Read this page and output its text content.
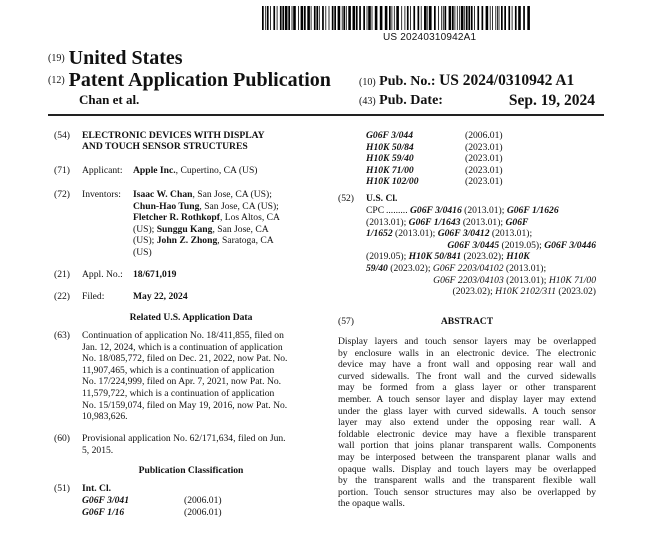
US 20240310942A1
(19) United States
(12) Patent Application Publication
Chan et al.
(10) Pub. No.: US 2024/0310942 A1
(43) Pub. Date:	Sep. 19, 2024
(54) ELECTRONIC DEVICES WITH DISPLAY
AND TOUCH SENSOR STRUCTURES
(71) Applicant: Apple Inc., Cupertino, CA (US)
(72) Inventors: Isaac W. Chan, San Jose, CA (US);
Chun-Hao Tung, San Jose, CA (US);
Fletcher R. Rothkopf, Los Altos, CA
(US); Sunggu Kang, San Jose, CA
(US); John Z. Zhong, Saratoga, CA
(US)
(21) Appl. No.: 18/671,019
(22) Filed:	May 22, 2024
Related U.S. Application Data
(63) Continuation of application No. 18/411,855, filed on
Jan. 12, 2024, which is a continuation of application
No. 18/085,772, filed on Dec. 21, 2022, now Pat. No.
11,907,465, which is a continuation of application
No. 17/224,999, filed on Apr. 7, 2021, now Pat. No.
11,579,722, which is a continuation of application
No. 15/159,074, filed on May 19, 2016, now Pat. No.
10,983,626.
(60) Provisional application No. 62/171,634, filed on Jun.
5, 2015.
Publication Classification
(51) Int. Cl.
G06F 3/041	(2006.01)
G06F 1/16	(2006.01)
G06F 3/044	(2006.01)
H10K 50/84	(2023.01)
H10K 59/40	(2023.01)
H10K 71/00	(2023.01)
H10K 102/00	(2023.01)
(52) U.S. Cl.
CPC ......... G06F 3/0416 (2013.01); G06F 1/1626
(2013.01); G06F 1/1643 (2013.01); G06F
1/1652 (2013.01); G06F 3/0412 (2013.01);
G06F 3/0445 (2019.05); G06F 3/0446
(2019.05); H10K 50/841 (2023.02); H10K
59/40 (2023.02); G06F 2203/04102 (2013.01);
G06F 2203/04103 (2013.01); H10K 71/00
(2023.02); H10K 2102/311 (2023.02)
(57)	ABSTRACT
Display layers and touch sensor layers may be overlapped
by enclosure walls in an electronic device. The electronic
device may have a front wall and opposing rear wall and
curved sidewalls. The front wall and the curved sidewalls
may be formed from a glass layer or other transparent
member. A touch sensor layer and display layer may extend
under the glass layer with curved sidewalls. A touch sensor
layer may also extend under the opposing rear wall. A
foldable electronic device may have a flexible transparent
wall portion that joins planar transparent walls. Components
may be interposed between the transparent planar walls and
opaque walls. Display and touch layers may be overlapped
by the transparent walls and the transparent flexible wall
portion. Touch sensor structures may also be overlapped by
the opaque walls.
